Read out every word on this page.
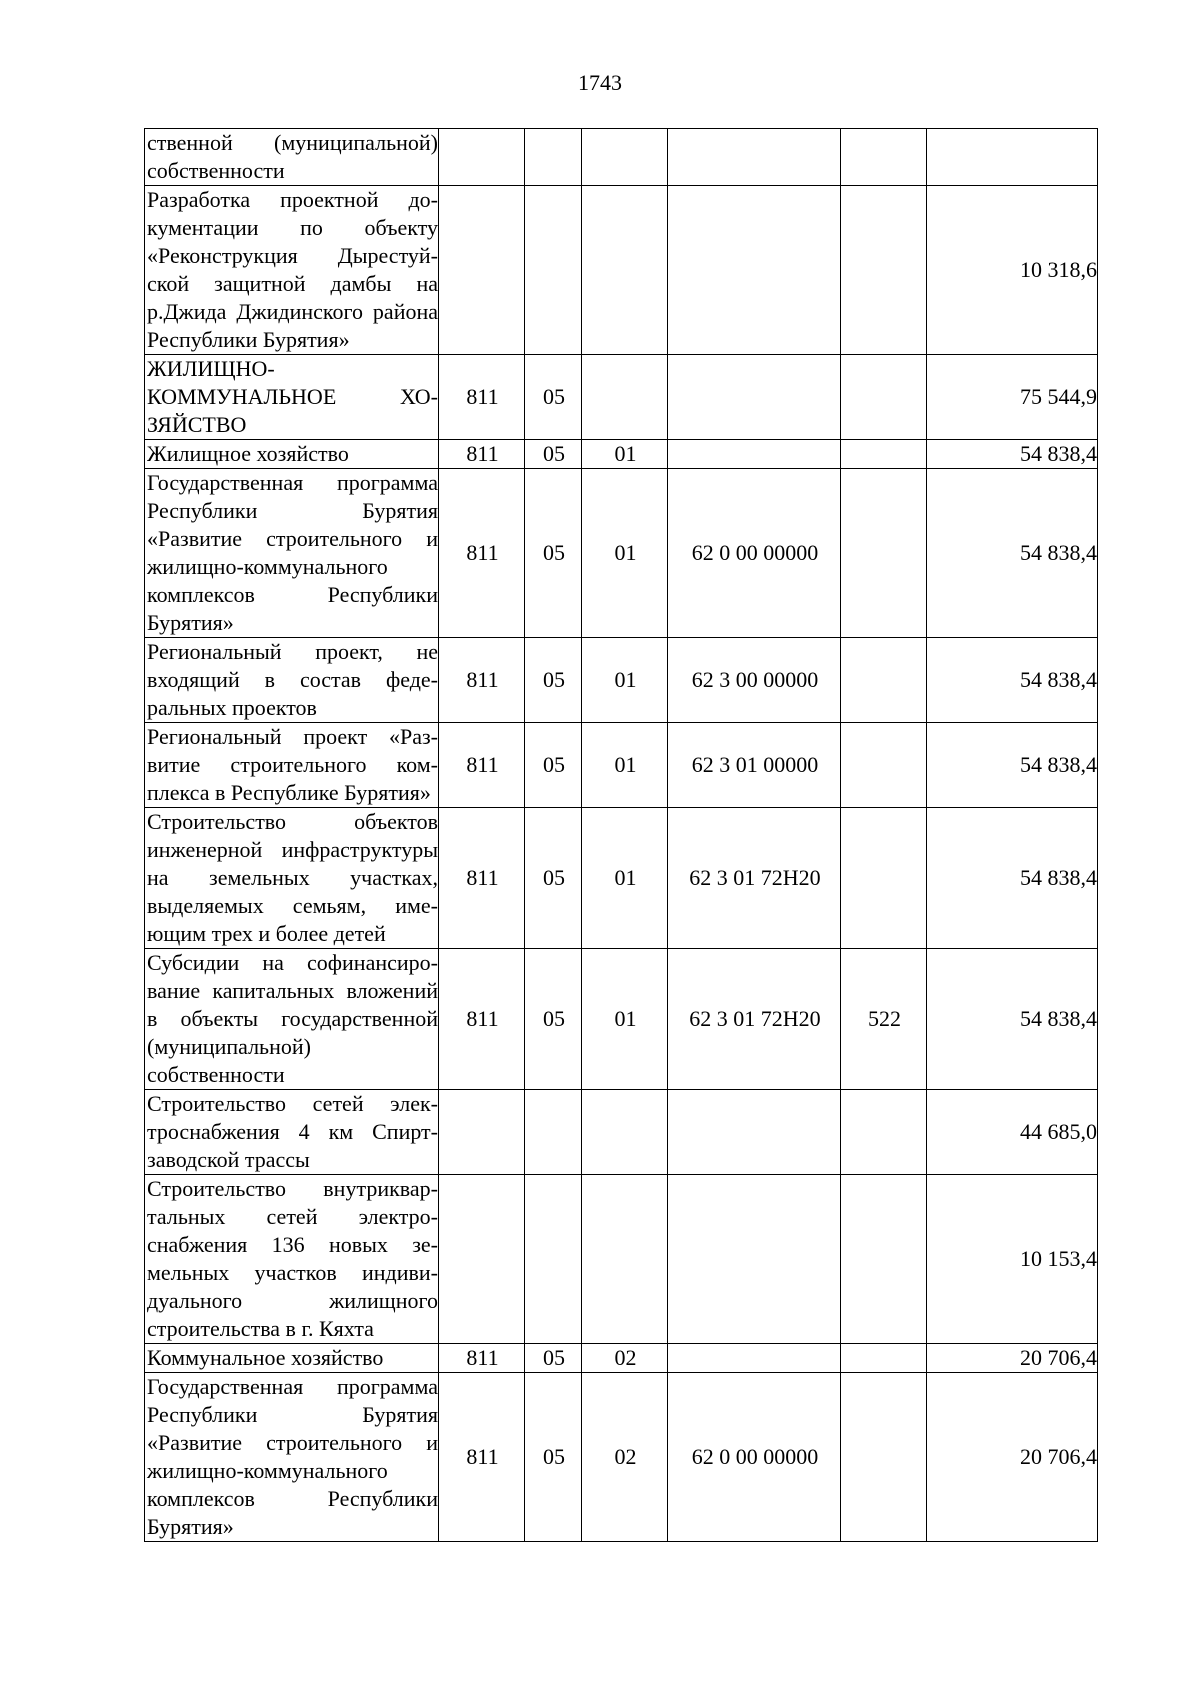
1743
ственной (муниципальной) собственности						
Разработка проектной документации по объекту «Реконструкция Дырестуйской защитной дамбы на р.Джида Джидинского района Республики Бурятия»						10 318,6
ЖИЛИЩНО-КОММУНАЛЬНОЕ ХОЗЯЙСТВО	811	05				75 544,9
Жилищное хозяйство	811	05	01			54 838,4
Государственная программа Республики Бурятия «Развитие строительного и жилищно-коммунального комплексов Республики Бурятия»	811	05	01	62 0 00 00000		54 838,4
Региональный проект, не входящий в состав федеральных проектов	811	05	01	62 3 00 00000		54 838,4
Региональный проект «Развитие строительного комплекса в Республике Бурятия»	811	05	01	62 3 01 00000		54 838,4
Строительство объектов инженерной инфраструктуры на земельных участках, выделяемых семьям, имеющим трех и более детей	811	05	01	62 3 01 72Н20		54 838,4
Субсидии на софинансирование капитальных вложений в объекты государственной (муниципальной) собственности	811	05	01	62 3 01 72Н20	522	54 838,4
Строительство сетей электроснабжения 4 км Спиртзаводской трассы						44 685,0
Строительство внутриквартальных сетей электроснабжения 136 новых земельных участков индивидуального жилищного строительства в г. Кяхта						10 153,4
Коммунальное хозяйство	811	05	02			20 706,4
Государственная программа Республики Бурятия «Развитие строительного и жилищно-коммунального комплексов Республики Бурятия»	811	05	02	62 0 00 00000		20 706,4
